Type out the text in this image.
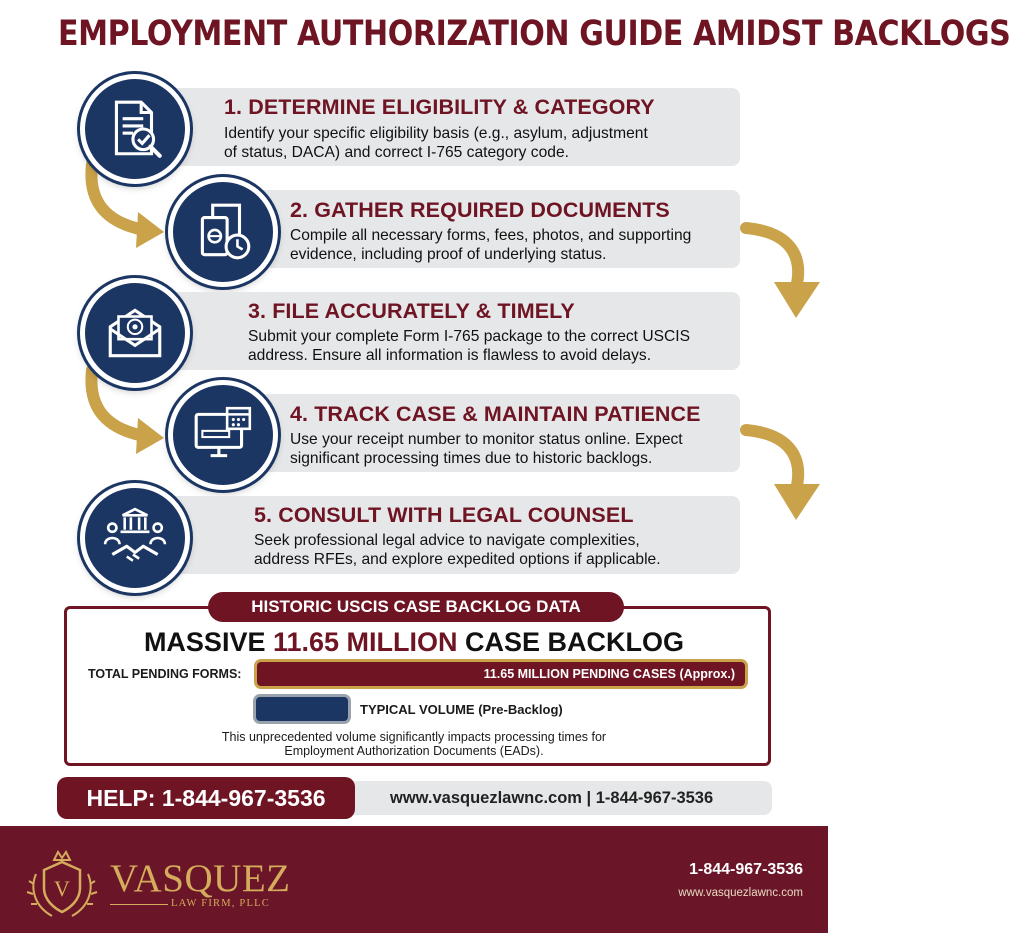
EMPLOYMENT AUTHORIZATION GUIDE AMIDST BACKLOGS
1. DETERMINE ELIGIBILITY & CATEGORY
Identify your specific eligibility basis (e.g., asylum, adjustment
of status, DACA) and correct I-765 category code.
2. GATHER REQUIRED DOCUMENTS
Compile all necessary forms, fees, photos, and supporting
evidence, including proof of underlying status.
3. FILE ACCURATELY & TIMELY
Submit your complete Form I-765 package to the correct USCIS
address. Ensure all information is flawless to avoid delays.
4. TRACK CASE & MAINTAIN PATIENCE
Use your receipt number to monitor status online. Expect
significant processing times due to historic backlogs.
5. CONSULT WITH LEGAL COUNSEL
Seek professional legal advice to navigate complexities,
address RFEs, and explore expedited options if applicable.
HISTORIC USCIS CASE BACKLOG DATA
MASSIVE 11.65 MILLION CASE BACKLOG
TOTAL PENDING FORMS:	11.65 MILLION PENDING CASES (Approx.)
TYPICAL VOLUME (Pre-Backlog)
This unprecedented volume significantly impacts processing times for
Employment Authorization Documents (EADs).
www.vasquezlawnc.com | 1-844-967-3536
HELP: 1-844-967-3536
V VASQUEZ
LAW FIRM, PLLC
1-844-967-3536
www.vasquezlawnc.com
